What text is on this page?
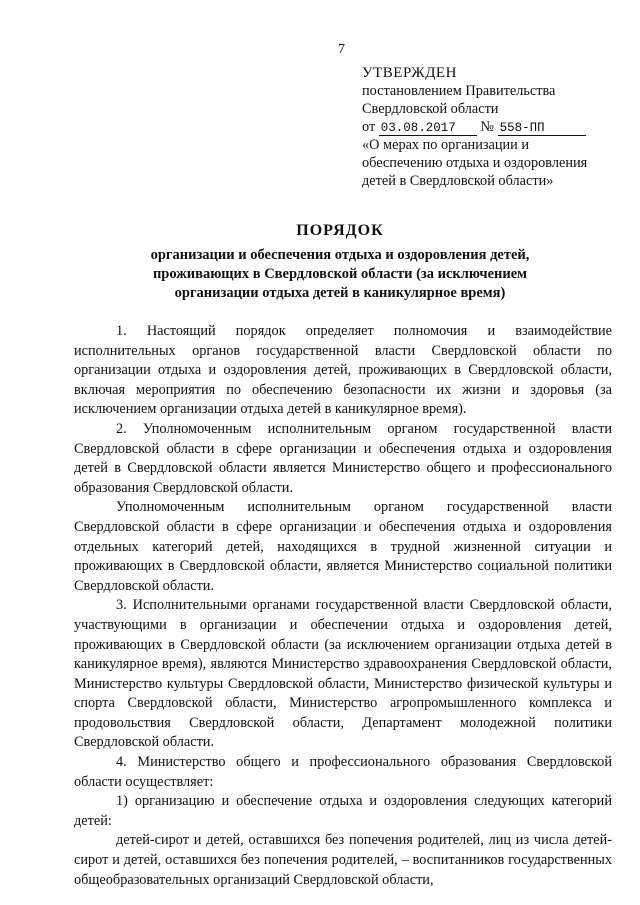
7
УТВЕРЖДЕН
постановлением Правительства
Свердловской области
от 03.08.2017 № 558-ПП
«О мерах по организации и
обеспечению отдыха и оздоровления
детей в Свердловской области»
ПОРЯДОК
организации и обеспечения отдыха и оздоровления детей,
проживающих в Свердловской области (за исключением
организации отдыха детей в каникулярное время)

1. Настоящий порядок определяет полномочия и взаимодействие исполнительных органов государственной власти Свердловской области по организации отдыха и оздоровления детей, проживающих в Свердловской области, включая мероприятия по обеспечению безопасности их жизни и здоровья (за исключением организации отдыха детей в каникулярное время).

2. Уполномоченным исполнительным органом государственной власти Свердловской области в сфере организации и обеспечения отдыха и оздоровления детей в Свердловской области является Министерство общего и профессионального образования Свердловской области.

Уполномоченным исполнительным органом государственной власти Свердловской области в сфере организации и обеспечения отдыха и оздоровления отдельных категорий детей, находящихся в трудной жизненной ситуации и проживающих в Свердловской области, является Министерство социальной политики Свердловской области.

3. Исполнительными органами государственной власти Свердловской области, участвующими в организации и обеспечении отдыха и оздоровления детей, проживающих в Свердловской области (за исключением организации отдыха детей в каникулярное время), являются Министерство здравоохранения Свердловской области, Министерство культуры Свердловской области, Министерство физической культуры и спорта Свердловской области, Министерство агропромышленного комплекса и продовольствия Свердловской области, Департамент молодежной политики Свердловской области.

4. Министерство общего и профессионального образования Свердловской области осуществляет:

1) организацию и обеспечение отдыха и оздоровления следующих категорий детей:

детей-сирот и детей, оставшихся без попечения родителей, лиц из числа детей-сирот и детей, оставшихся без попечения родителей, – воспитанников государственных общеобразовательных организаций Свердловской области,
